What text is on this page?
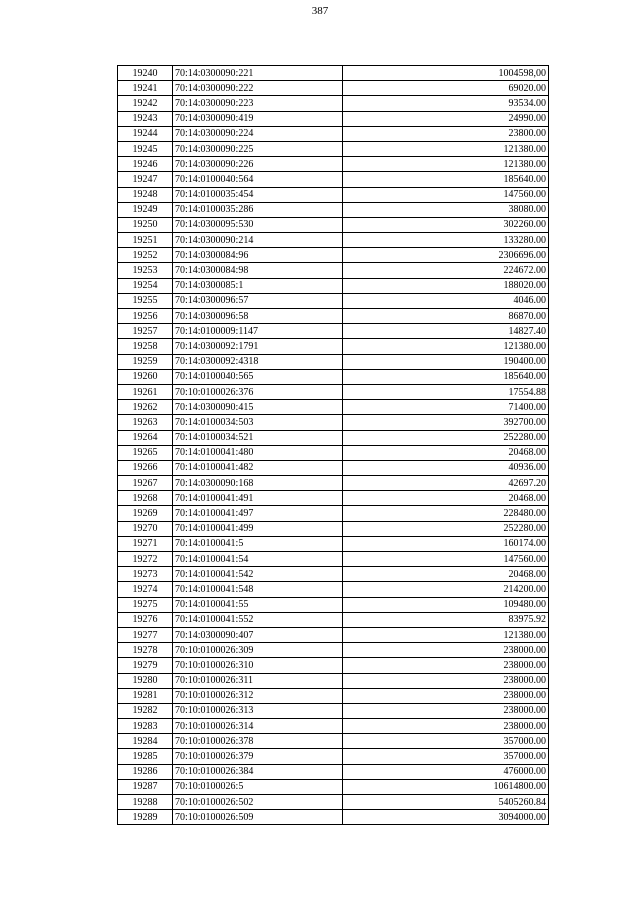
387
19240	70:14:0300090:221	1004598,00
19241	70:14:0300090:222	69020.00
19242	70:14:0300090:223	93534.00
19243	70:14:0300090:419	24990.00
19244	70:14:0300090:224	23800.00
19245	70:14:0300090:225	121380.00
19246	70:14:0300090:226	121380.00
19247	70:14:0100040:564	185640.00
19248	70:14:0100035:454	147560.00
19249	70:14:0100035:286	38080.00
19250	70:14:0300095:530	302260.00
19251	70:14:0300090:214	133280.00
19252	70:14:0300084:96	2306696.00
19253	70:14:0300084:98	224672.00
19254	70:14:0300085:1	188020.00
19255	70:14:0300096:57	4046.00
19256	70:14:0300096:58	86870.00
19257	70:14:0100009:1147	14827.40
19258	70:14:0300092:1791	121380.00
19259	70:14:0300092:4318	190400.00
19260	70:14:0100040:565	185640.00
19261	70:10:0100026:376	17554.88
19262	70:14:0300090:415	71400.00
19263	70:14:0100034:503	392700.00
19264	70:14:0100034:521	252280.00
19265	70:14:0100041:480	20468.00
19266	70:14:0100041:482	40936.00
19267	70:14:0300090:168	42697.20
19268	70:14:0100041:491	20468.00
19269	70:14:0100041:497	228480.00
19270	70:14:0100041:499	252280.00
19271	70:14:0100041:5	160174.00
19272	70:14:0100041:54	147560.00
19273	70:14:0100041:542	20468.00
19274	70:14:0100041:548	214200.00
19275	70:14:0100041:55	109480.00
19276	70:14:0100041:552	83975.92
19277	70:14:0300090:407	121380.00
19278	70:10:0100026:309	238000.00
19279	70:10:0100026:310	238000.00
19280	70:10:0100026:311	238000.00
19281	70:10:0100026:312	238000.00
19282	70:10:0100026:313	238000.00
19283	70:10:0100026:314	238000.00
19284	70:10:0100026:378	357000.00
19285	70:10:0100026:379	357000.00
19286	70:10:0100026:384	476000.00
19287	70:10:0100026:5	10614800.00
19288	70:10:0100026:502	5405260.84
19289	70:10:0100026:509	3094000.00
